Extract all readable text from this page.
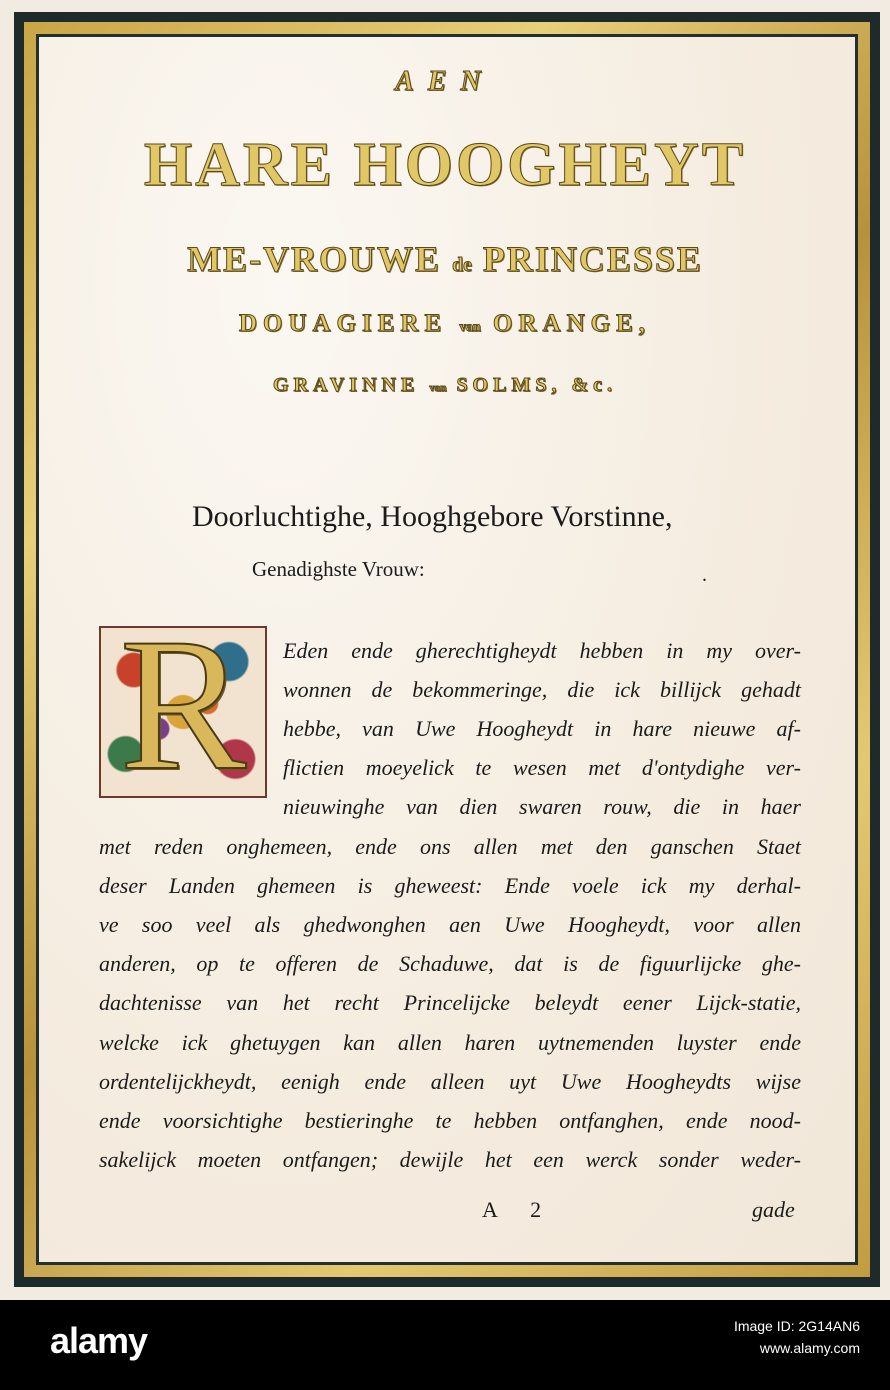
AEN

HARE HOOGHEYT

ME-VROUWE de PRINCESSE

DOUAGIERE van ORANGE,

GRAVINNE van SOLMS, &c.

Doorluchtighe, Hooghgebore Vorstinne,

Genadighste Vrouw:	.
R	Eden ende gherechtigheydt hebben in my over-

wonnen de bekommeringe, die ick billijck gehadt

hebbe, van Uwe Hoogheydt in hare nieuwe af-

flictien moeyelick te wesen met d'ontydighe ver-

nieuwinghe van dien swaren rouw, die in haer

met reden onghemeen, ende ons allen met den ganschen Staet

deser Landen ghemeen is gheweest: Ende voele ick my derhal-

ve soo veel als ghedwonghen aen Uwe Hoogheydt, voor allen

anderen, op te offeren de Schaduwe, dat is de figuurlijcke ghe-

dachtenisse van het recht Princelijcke beleydt eener Lijck-statie,

welcke ick ghetuygen kan allen haren uytnemenden luyster ende

ordentelijckheydt, eenigh ende alleen uyt Uwe Hoogheydts wijse

ende voorsichtighe bestieringhe te hebben ontfanghen, ende nood-

sakelijck moeten ontfangen; dewijle het een werck sonder weder-

A 2	gade

alamy	Image ID: 2G14AN6

www.alamy.com
